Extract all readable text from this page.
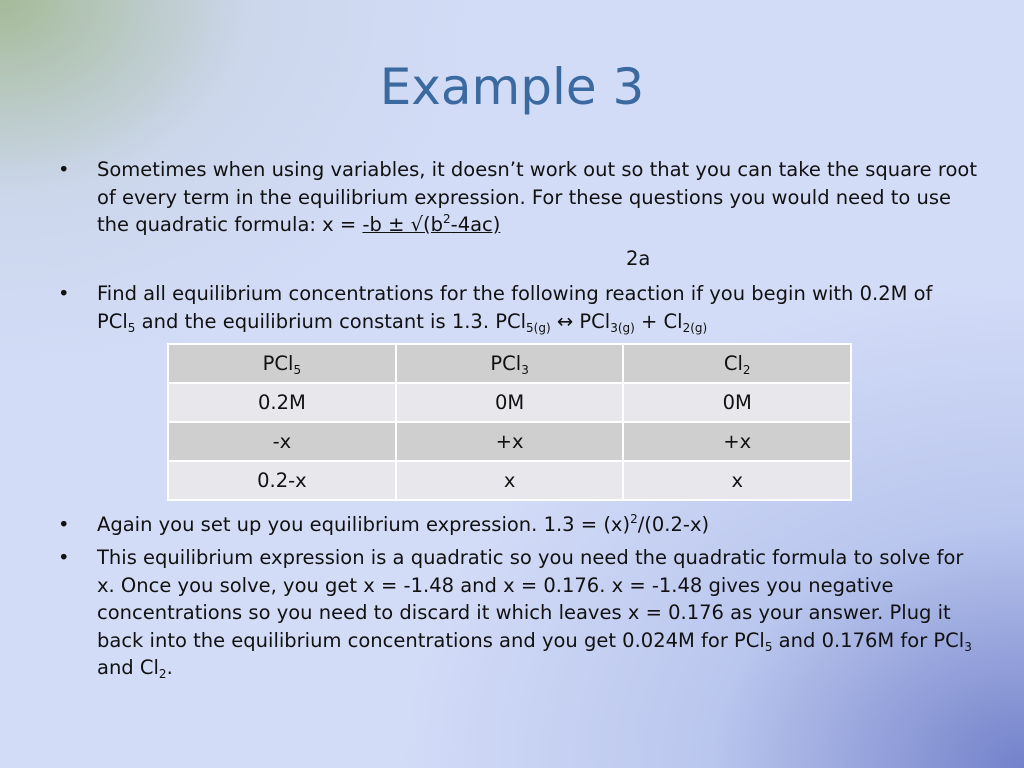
Example 3
• Sometimes when using variables, it doesn’t work out so that you can take the square root of every term in the equilibrium expression. For these questions you would need to use the quadratic formula: $x = -b \pm √(b^2-4ac)$
2a
• Find all equilibrium concentrations for the following reaction if you begin with 0.2M of PCl$_5$ and the equilibrium constant is 1.3. PCl$_{5(g)}$ ↔ $PCl_{3(g)} + Cl_{2(g)}$
PCl$_5$	PCl$_3$	$Cl_2$
0.2M	0M	0M
-x	+x	+x
0.2-x	x	x
• Again you set up you equilibrium expression. $1.3 = (x)^2/(0.2-x)$
• This equilibrium expression is a quadratic so you need the quadratic formula to solve for x. Once you solve, you get x = -1.48 and x = 0.176. x = -1.48 gives you negative concentrations so you need to discard it which leaves x = 0.176 as your answer. Plug it back into the equilibrium concentrations and you get 0.024M for PCl$_5$ and 0.176M for PCl$_3$ and $Cl_2$.
